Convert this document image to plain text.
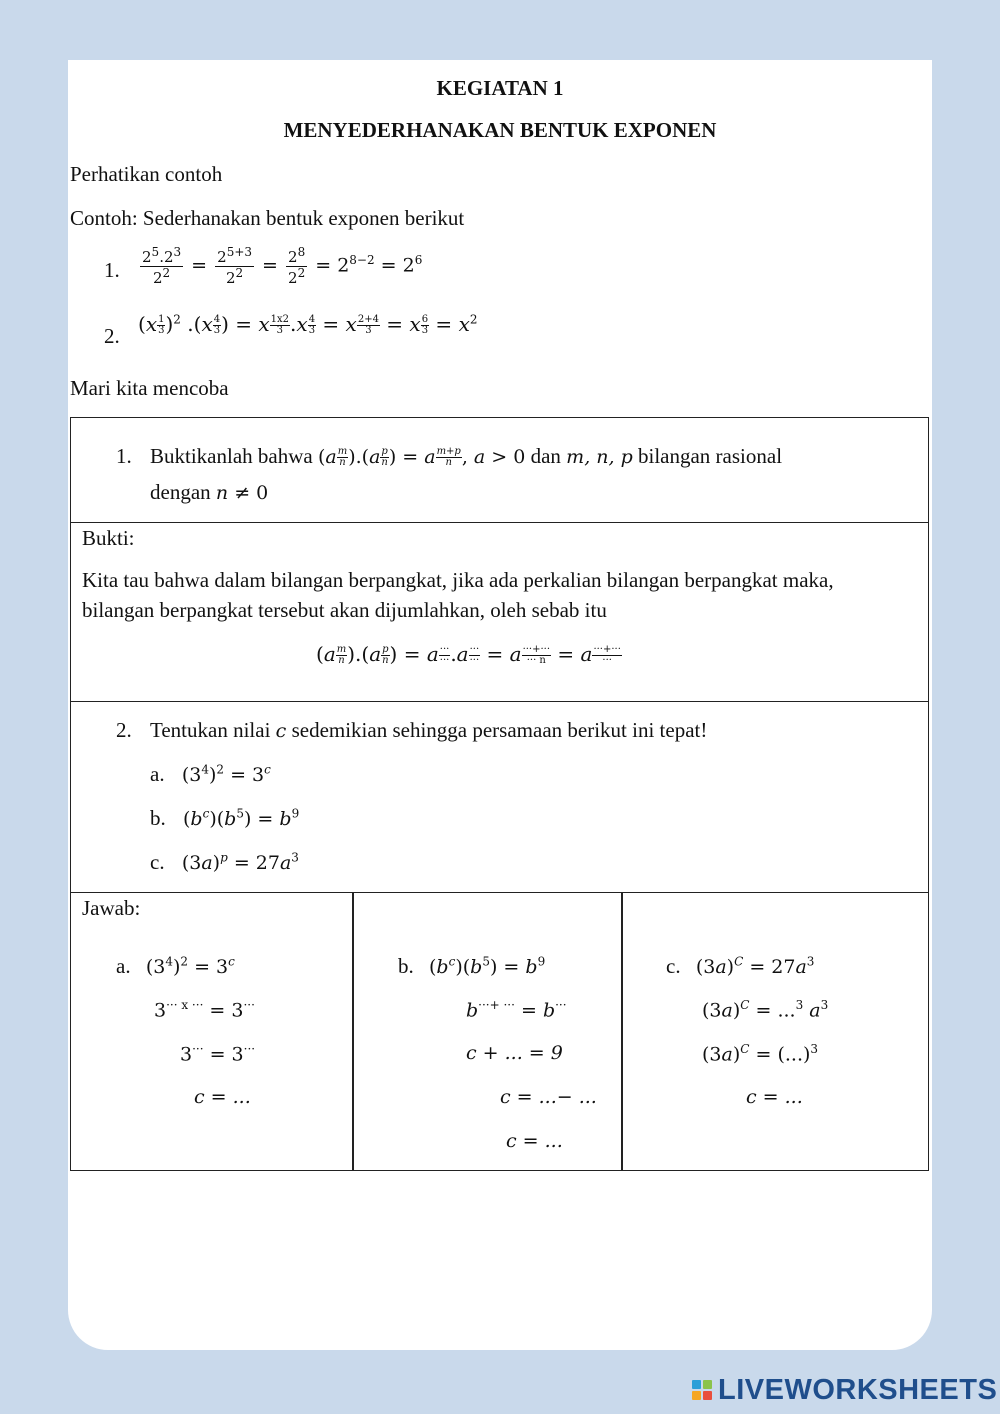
KEGIATAN 1
MENYEDERHANAKAN BENTUK EXPONEN
Perhatikan contoh
Contoh: Sederhanakan bentuk exponen berikut
1. $\frac{2^5.2^3}{2^2} = \frac{2^{5+3}}{2^2} = \frac{2^8}{2^2} = 2^{8-2} = 2^6$
2. $(x \frac{1}{3} )^2$ $.(x \frac{4}{3}$ ) = x $\frac{1x2}{3} .x \frac{4}{3} = x \frac{2+4}{3} = x \frac{6}{3} = x^2$
Mari kita mencoba
1. Buktikanlah bahwa $(a \frac{m}{n} ).(a \frac{p}{n}$ ) = a $\frac{m+p}{n}$ , a > 0 dan m, n, p bilangan rasional
dengan n ≠ 0
Bukti:
Kita tau bahwa dalam bilangan berpangkat, jika ada perkalian bilangan berpangkat maka,
bilangan berpangkat tersebut akan dijumlahkan, oleh sebab itu
$(a \frac{m}{n} ).(a \frac{p}{n}$ ) = a ···
··· .a ···
··· = a ···+···
··· n = a ···+···
···
2. Tentukan nilai c sedemikian sehingga persamaan berikut ini tepat!
a. $(3^4)^2 = 3^c$
b. $(b^c)(b^5) = b^9$
c. $(3a)^p = 27a^3$
Jawab:
a. $(3^4)^2 = 3^c$
$3^{\cdot\cdot\cdot x \cdot\cdot\cdot} = 3^{\cdot\cdot\cdot}$
3··· = 3···
c = ...
b. $(b^c)(b^5) = b^9$
b···+ ··· = b···
c + ... = 9
c = ...− ...
c = ...
c. $(3a)^C = 27a^3$
$(3a)^C = ...^3$ $a^3$
$(3a)^C = (...)^3$
c = ...
LIVEWORKSHEETS
